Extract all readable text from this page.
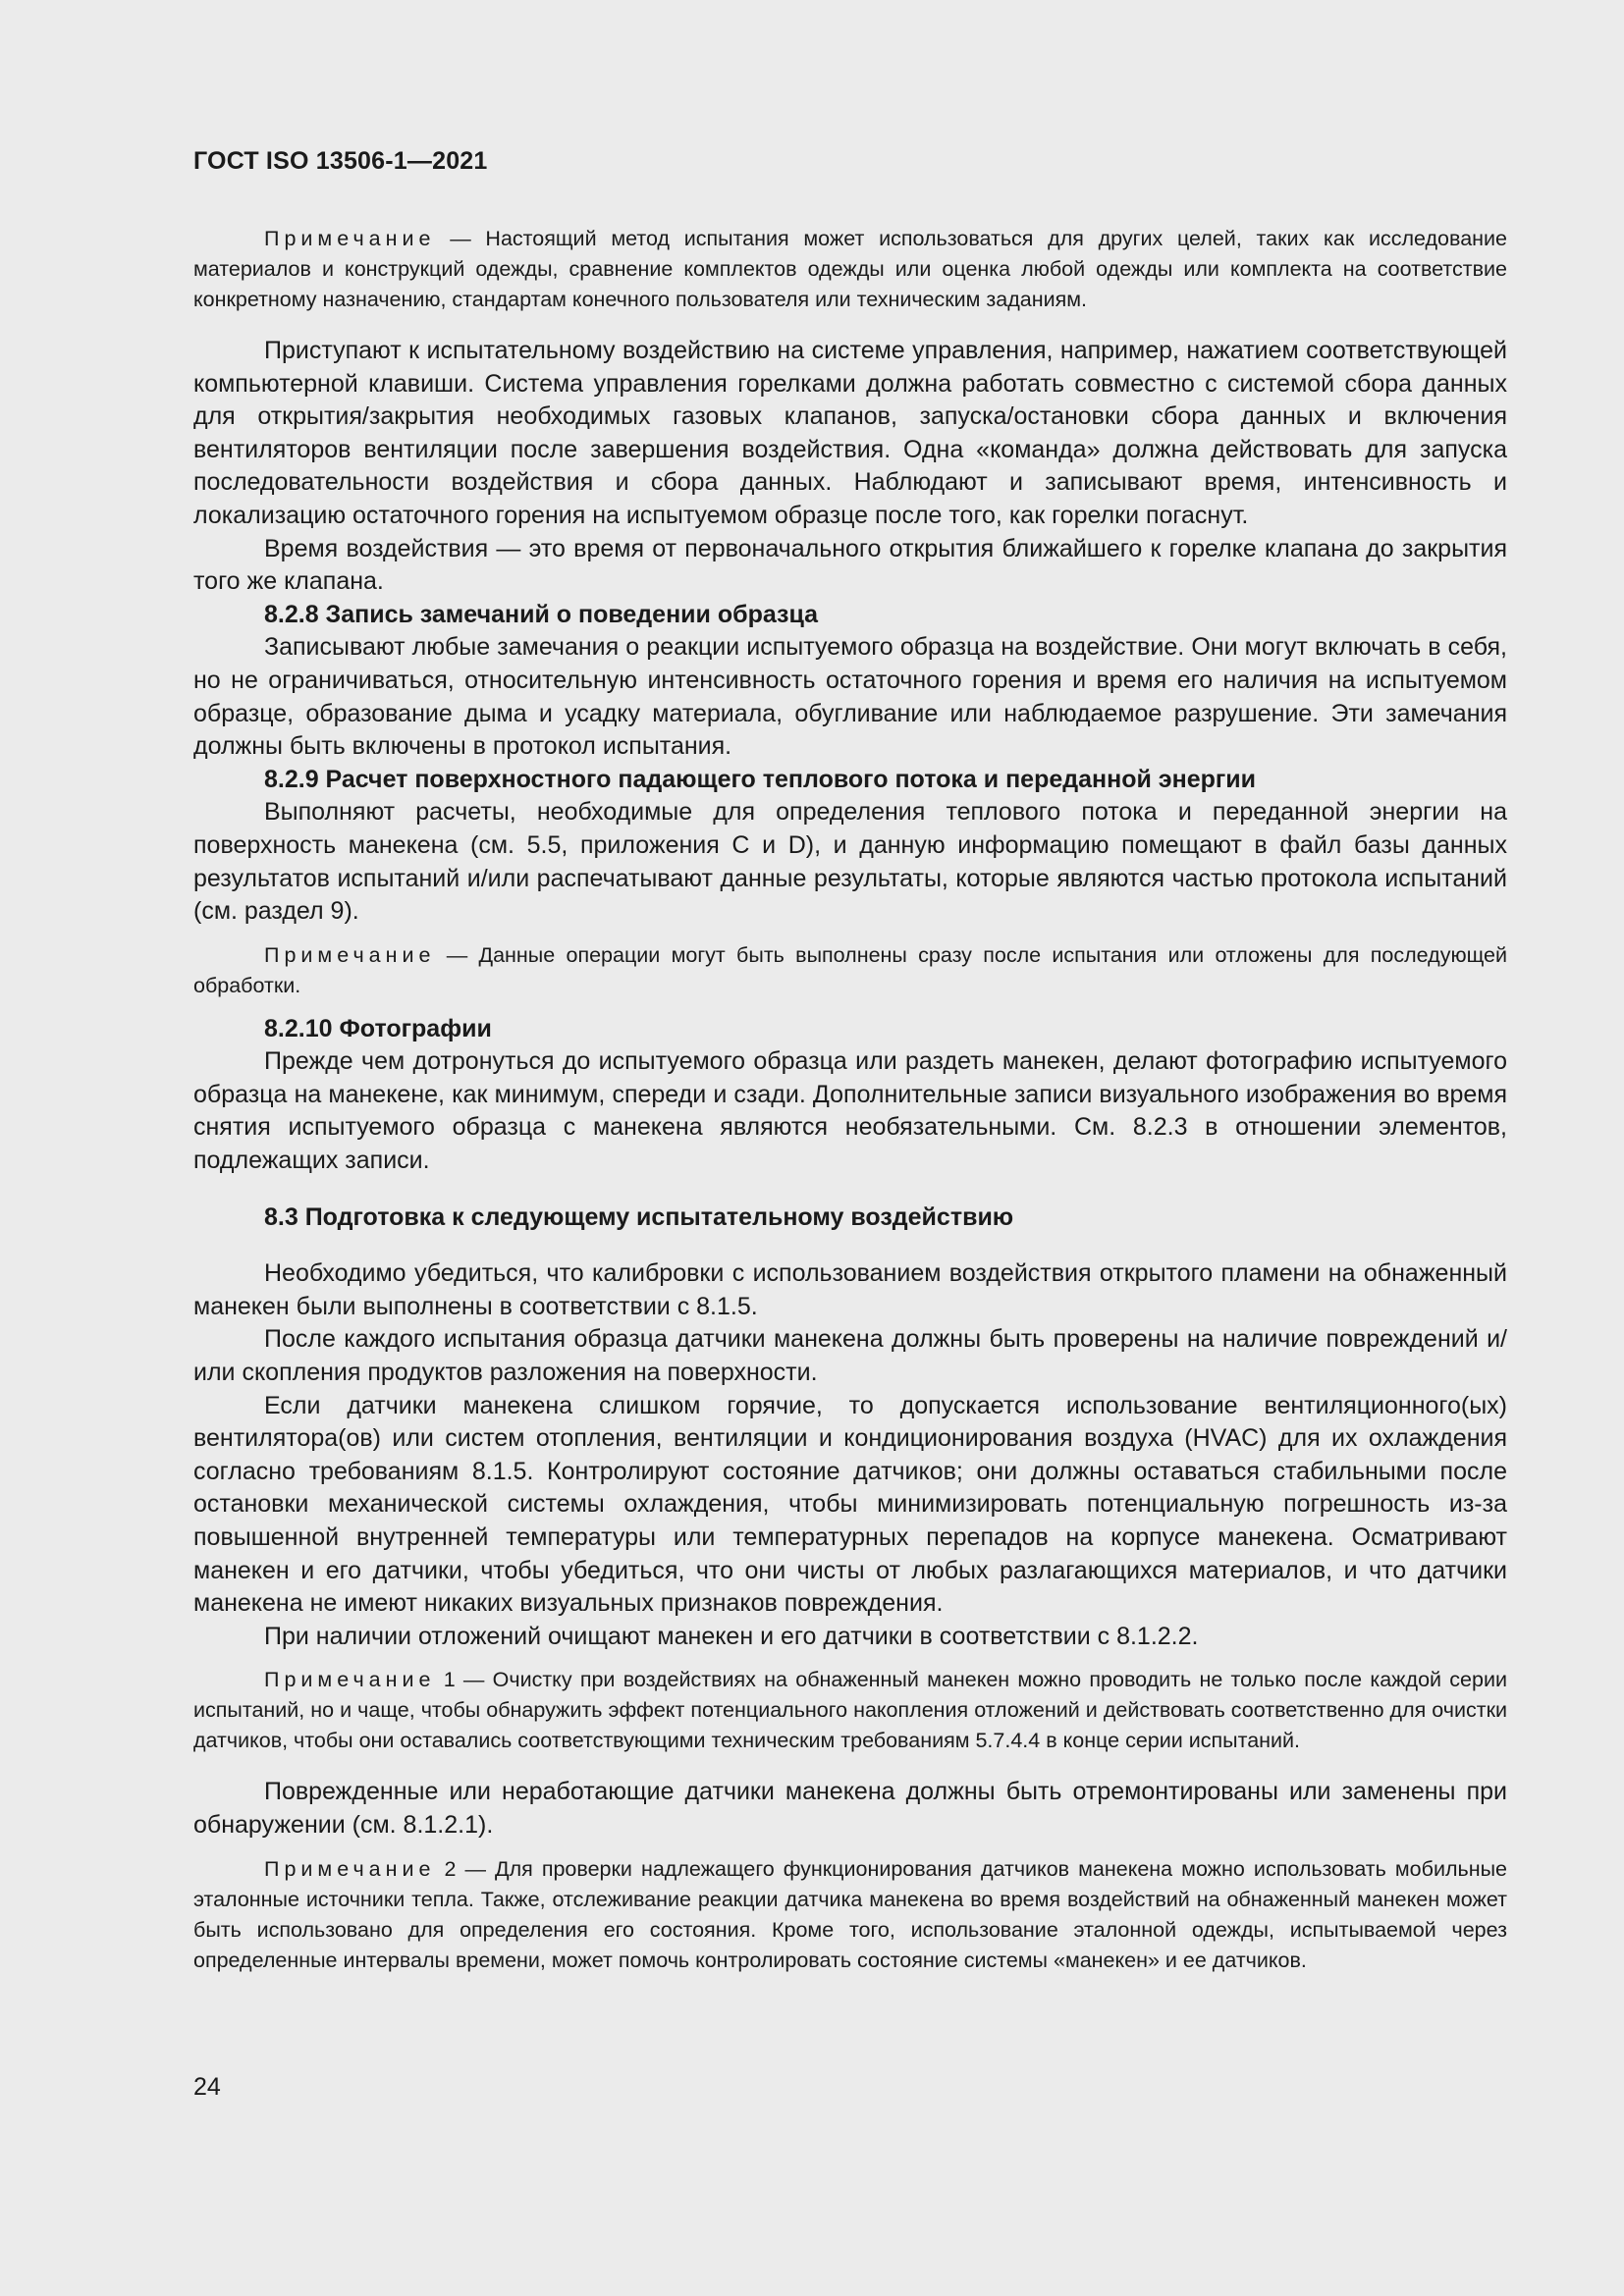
ГОСТ ISO 13506-1—2021

Примечание — Настоящий метод испытания может использоваться для других целей, таких как исследование материалов и конструкций одежды, сравнение комплектов одежды или оценка любой одежды или комплекта на соответствие конкретному назначению, стандартам конечного пользователя или техническим заданиям.

Приступают к испытательному воздействию на системе управления, например, нажатием соответствующей компьютерной клавиши. Система управления горелками должна работать совместно с системой сбора данных для открытия/закрытия необходимых газовых клапанов, запуска/остановки сбора данных и включения вентиляторов вентиляции после завершения воздействия. Одна «команда» должна действовать для запуска последовательности воздействия и сбора данных. Наблюдают и записывают время, интенсивность и локализацию остаточного горения на испытуемом образце после того, как горелки погаснут.

Время воздействия — это время от первоначального открытия ближайшего к горелке клапана до закрытия того же клапана.

8.2.8 Запись замечаний о поведении образца

Записывают любые замечания о реакции испытуемого образца на воздействие. Они могут включать в себя, но не ограничиваться, относительную интенсивность остаточного горения и время его наличия на испытуемом образце, образование дыма и усадку материала, обугливание или наблюдаемое разрушение. Эти замечания должны быть включены в протокол испытания.

8.2.9 Расчет поверхностного падающего теплового потока и переданной энергии

Выполняют расчеты, необходимые для определения теплового потока и переданной энергии на поверхность манекена (см. 5.5, приложения С и D), и данную информацию помещают в файл базы данных результатов испытаний и/или распечатывают данные результаты, которые являются частью протокола испытаний (см. раздел 9).

Примечание — Данные операции могут быть выполнены сразу после испытания или отложены для последующей обработки.

8.2.10 Фотографии

Прежде чем дотронуться до испытуемого образца или раздеть манекен, делают фотографию испытуемого образца на манекене, как минимум, спереди и сзади. Дополнительные записи визуального изображения во время снятия испытуемого образца с манекена являются необязательными. См. 8.2.3 в отношении элементов, подлежащих записи.

8.3 Подготовка к следующему испытательному воздействию

Необходимо убедиться, что калибровки с использованием воздействия открытого пламени на обнаженный манекен были выполнены в соответствии с 8.1.5.

После каждого испытания образца датчики манекена должны быть проверены на наличие повреждений и/или скопления продуктов разложения на поверхности.

Если датчики манекена слишком горячие, то допускается использование вентиляционного(ых) вентилятора(ов) или систем отопления, вентиляции и кондиционирования воздуха (HVAC) для их охлаждения согласно требованиям 8.1.5. Контролируют состояние датчиков; они должны оставаться стабильными после остановки механической системы охлаждения, чтобы минимизировать потенциальную погрешность из-за повышенной внутренней температуры или температурных перепадов на корпусе манекена. Осматривают манекен и его датчики, чтобы убедиться, что они чисты от любых разлагающихся материалов, и что датчики манекена не имеют никаких визуальных признаков повреждения.

При наличии отложений очищают манекен и его датчики в соответствии с 8.1.2.2.

Примечание 1 — Очистку при воздействиях на обнаженный манекен можно проводить не только после каждой серии испытаний, но и чаще, чтобы обнаружить эффект потенциального накопления отложений и действовать соответственно для очистки датчиков, чтобы они оставались соответствующими техническим требованиям 5.7.4.4 в конце серии испытаний.

Поврежденные или неработающие датчики манекена должны быть отремонтированы или заменены при обнаружении (см. 8.1.2.1).

Примечание 2 — Для проверки надлежащего функционирования датчиков манекена можно использовать мобильные эталонные источники тепла. Также, отслеживание реакции датчика манекена во время воздействий на обнаженный манекен может быть использовано для определения его состояния. Кроме того, использование эталонной одежды, испытываемой через определенные интервалы времени, может помочь контролировать состояние системы «манекен» и ее датчиков.

24
